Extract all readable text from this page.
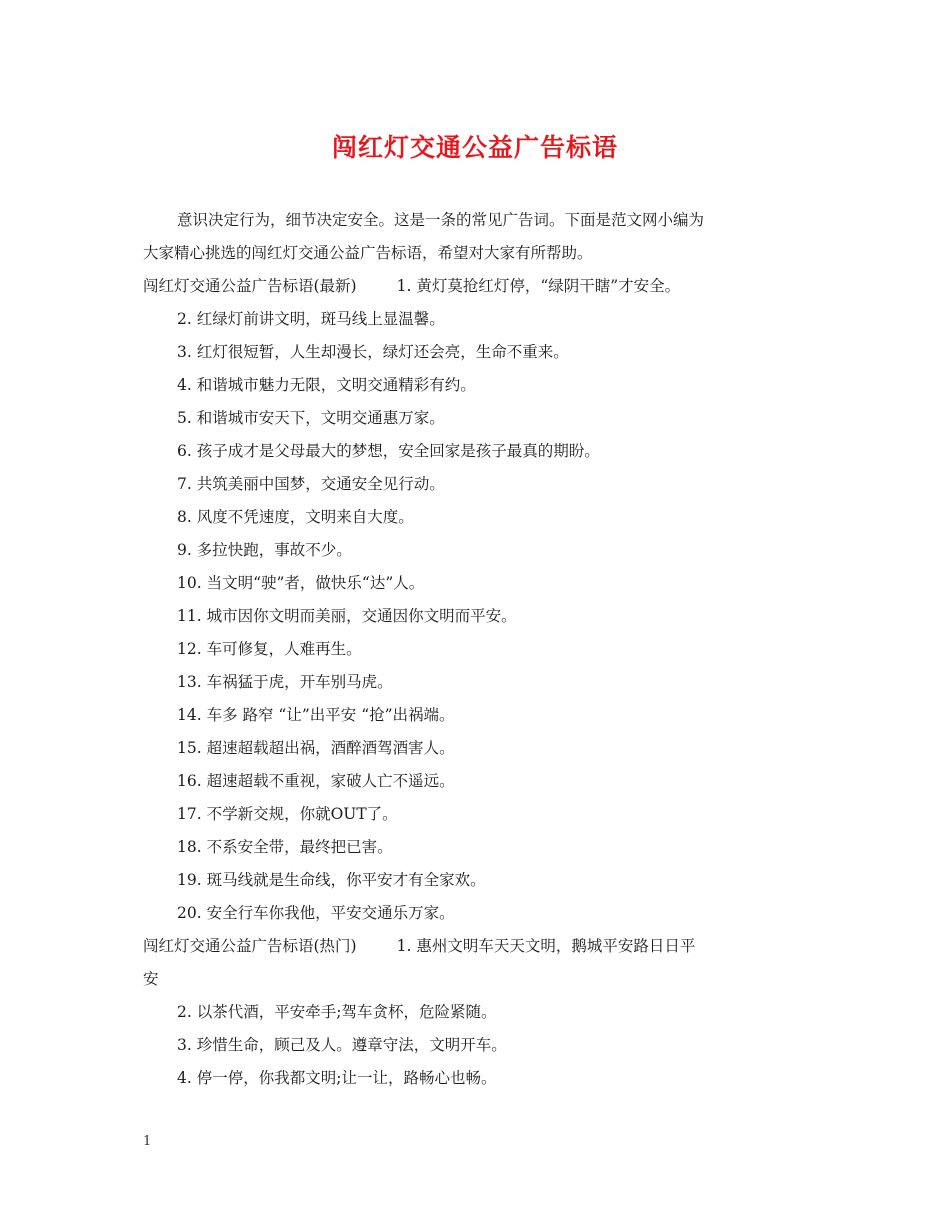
闯红灯交通公益广告标语
意识决定行为，细节决定安全。这是一条的常见广告词。下面是范文网小编为
大家精心挑选的闯红灯交通公益广告标语，希望对大家有所帮助。
闯红灯交通公益广告标语(最新)	1. 黄灯莫抢红灯停，“绿阴干瞎”才安全。
2. 红绿灯前讲文明，斑马线上显温馨。
3. 红灯很短暂，人生却漫长，绿灯还会亮，生命不重来。
4. 和谐城市魅力无限，文明交通精彩有约。
5. 和谐城市安天下，文明交通惠万家。
6. 孩子成才是父母最大的梦想，安全回家是孩子最真的期盼。
7. 共筑美丽中国梦，交通安全见行动。
8. 风度不凭速度，文明来自大度。
9. 多拉快跑，事故不少。
10. 当文明“驶”者，做快乐“达”人。
11. 城市因你文明而美丽，交通因你文明而平安。
12. 车可修复，人难再生。
13. 车祸猛于虎，开车别马虎。
14. 车多 路窄 “让”出平安 “抢”出祸端。
15. 超速超载超出祸，酒醉酒驾酒害人。
16. 超速超载不重视，家破人亡不遥远。
17. 不学新交规，你就OUT了。
18. 不系安全带，最终把已害。
19. 斑马线就是生命线，你平安才有全家欢。
20. 安全行车你我他，平安交通乐万家。
闯红灯交通公益广告标语(热门)	1. 惠州文明车天天文明，鹅城平安路日日平
安
2. 以茶代酒，平安牵手;驾车贪杯，危险紧随。
3. 珍惜生命，顾己及人。遵章守法，文明开车。
4. 停一停，你我都文明;让一让，路畅心也畅。
1
